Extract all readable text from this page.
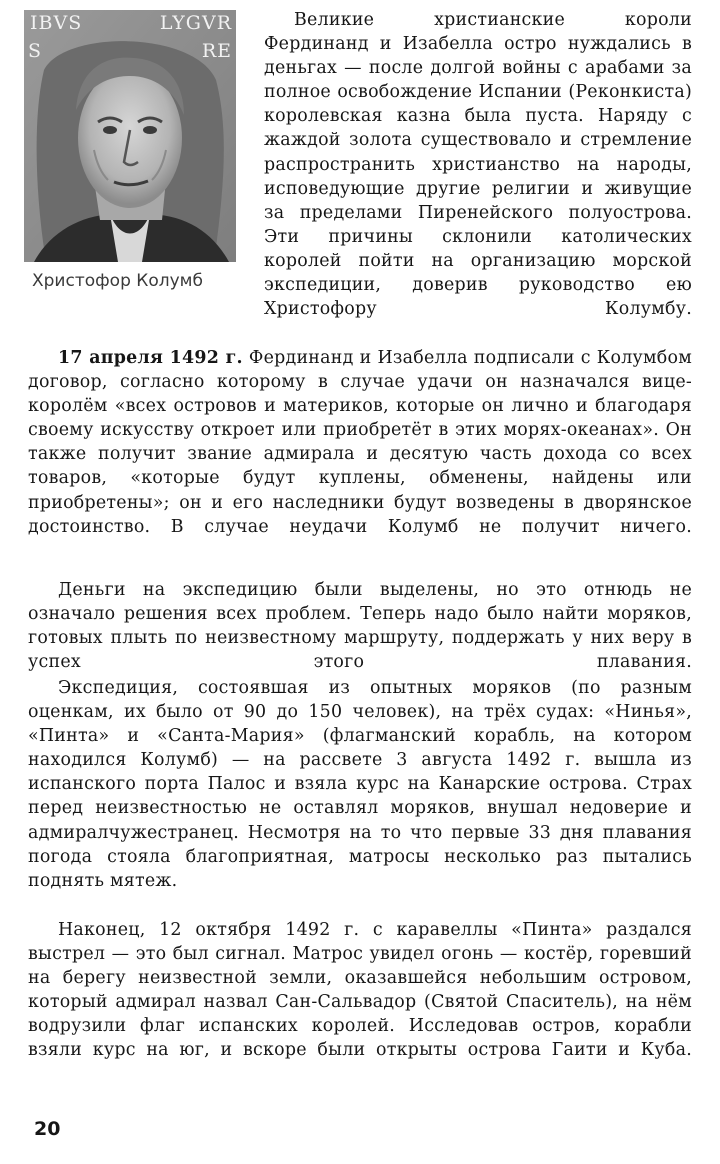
IBVS	LYGVR
S	RE
Христофор Колумб

Великие христианские короли Фердинанд и Изабелла остро нуждались в деньгах — после долгой войны с арабами за полное освобождение Испании (Реконкиста) королевская казна была пуста. Наряду с жаждой золота существовало и стремление распространить христианство на народы, исповедующие другие религии и живущие за пределами Пиренейского полуострова. Эти причины склонили католических королей пойти на организацию морской экспедиции, доверив руководство ею Христофору Колумбу.

17 апреля 1492 г. Фердинанд и Изабелла подписали с Колумбом договор, согласно которому в случае удачи он назначался вице-королём «всех островов и материков, которые он лично и благодаря своему искусству откроет или приобретёт в этих морях-океанах». Он также получит звание адмирала и десятую часть дохода со всех товаров, «которые будут куплены, обменены, найдены или приобретены»; он и его наследники будут возведены в дворянское достоинство. В случае неудачи Колумб не получит ничего.

Деньги на экспедицию были выделены, но это отнюдь не означало решения всех проблем. Теперь надо было найти моряков, готовых плыть по неизвестному маршруту, поддержать у них веру в успех этого плавания.

Экспедиция, состоявшая из опытных моряков (по разным оценкам, их было от 90 до 150 человек), на трёх судах: «Нинья», «Пинта» и «Санта-Мария» (флагманский корабль, на котором находился Колумб) — на рассвете 3 августа 1492 г. вышла из испанского порта Палос и взяла курс на Канарские острова. Страх перед неизвестностью не оставлял моряков, внушал недоверие и адмиралчужестранец. Несмотря на то что первые 33 дня плавания погода стояла благоприятная, матросы несколько раз пытались поднять мятеж.

Наконец, 12 октября 1492 г. с каравеллы «Пинта» раздался выстрел — это был сигнал. Матрос увидел огонь — костёр, горевший на берегу неизвестной земли, оказавшейся небольшим островом, который адмирал назвал Сан-Сальвадор (Святой Спаситель), на нём водрузили флаг испанских королей. Исследовав остров, корабли взяли курс на юг, и вскоре были открыты острова Гаити и Куба.

20
